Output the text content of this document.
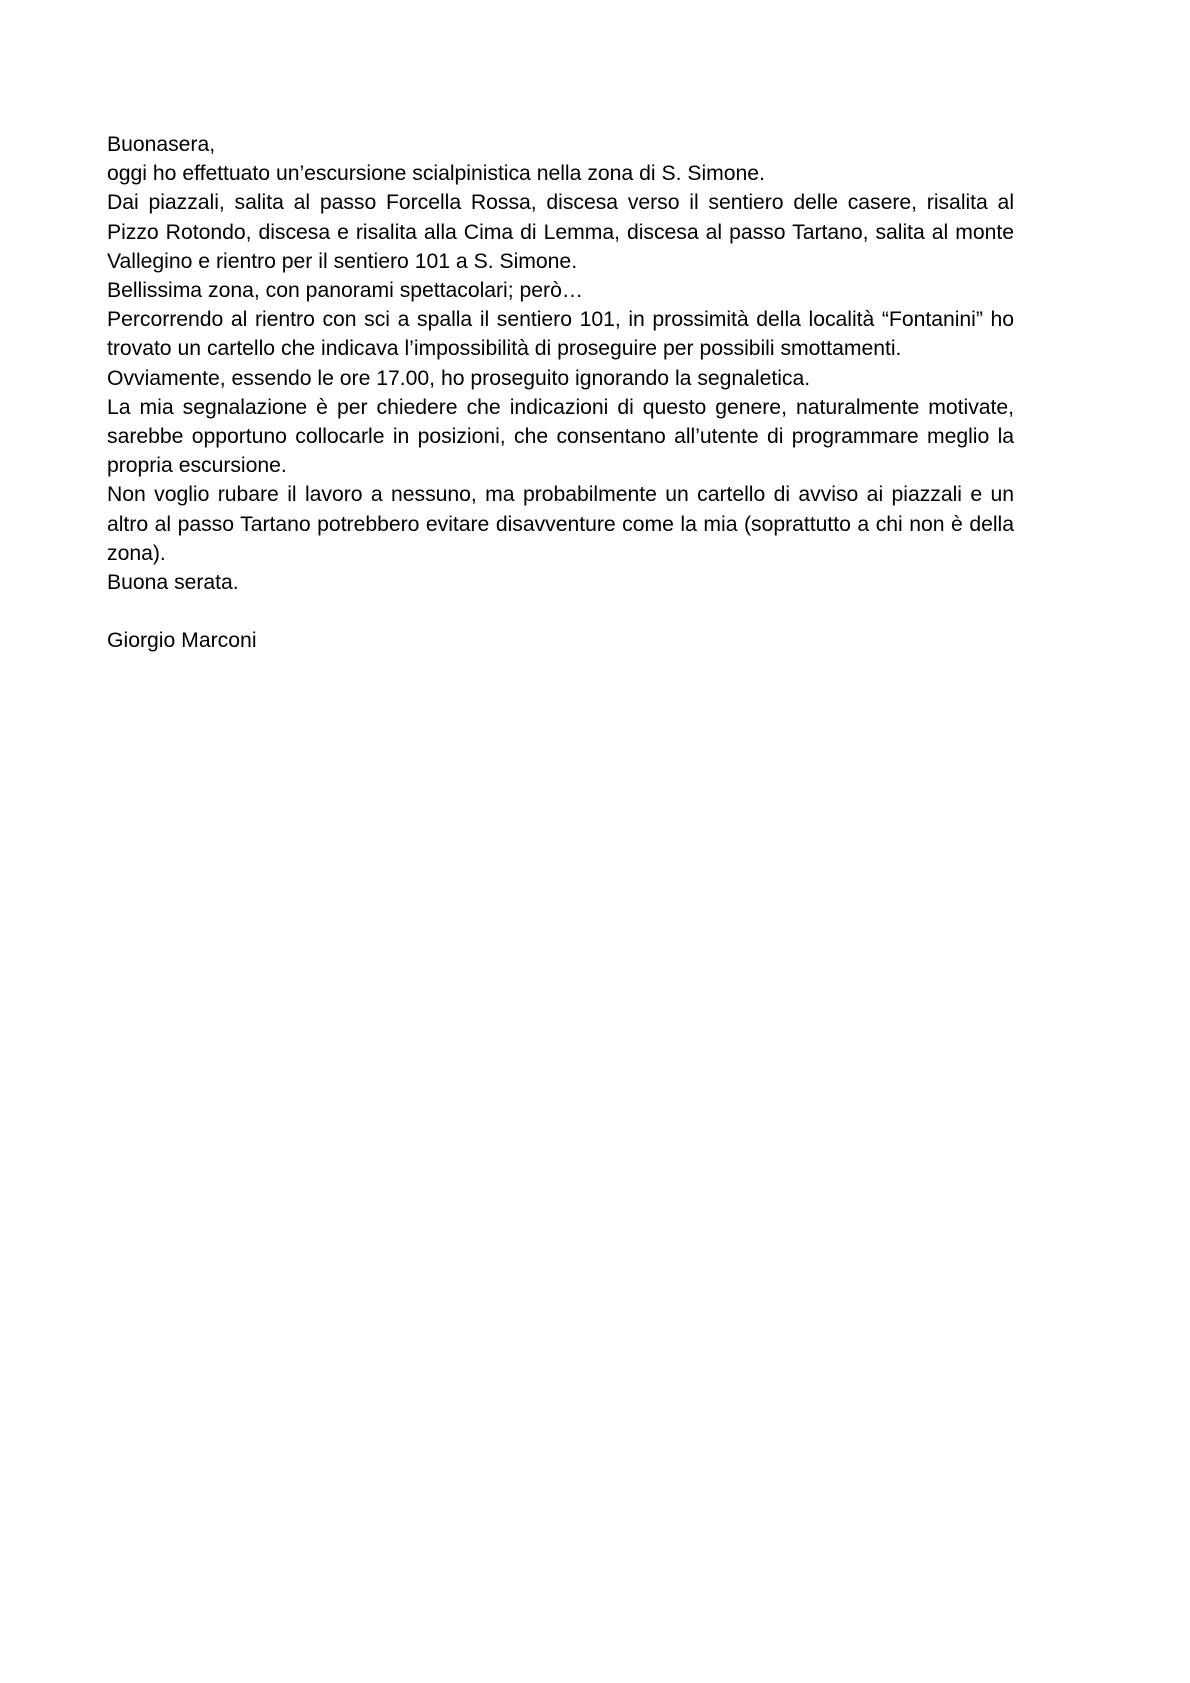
Buonasera,

oggi ho effettuato un’escursione scialpinistica nella zona di S. Simone.

Dai piazzali, salita al passo Forcella Rossa, discesa verso il sentiero delle casere, risalita al Pizzo Rotondo, discesa e risalita alla Cima di Lemma, discesa al passo Tartano, salita al monte Vallegino e rientro per il sentiero 101 a S. Simone.

Bellissima zona, con panorami spettacolari; però…

Percorrendo al rientro con sci a spalla il sentiero 101, in prossimità della località “Fontanini” ho trovato un cartello che indicava l’impossibilità di proseguire per possibili smottamenti.

Ovviamente, essendo le ore 17.00, ho proseguito ignorando la segnaletica.

La mia segnalazione è per chiedere che indicazioni di questo genere, naturalmente motivate, sarebbe opportuno collocarle in posizioni, che consentano all’utente di programmare meglio la propria escursione.

Non voglio rubare il lavoro a nessuno, ma probabilmente un cartello di avviso ai piazzali e un altro al passo Tartano potrebbero evitare disavventure come la mia (soprattutto a chi non è della zona).

Buona serata.

Giorgio Marconi
